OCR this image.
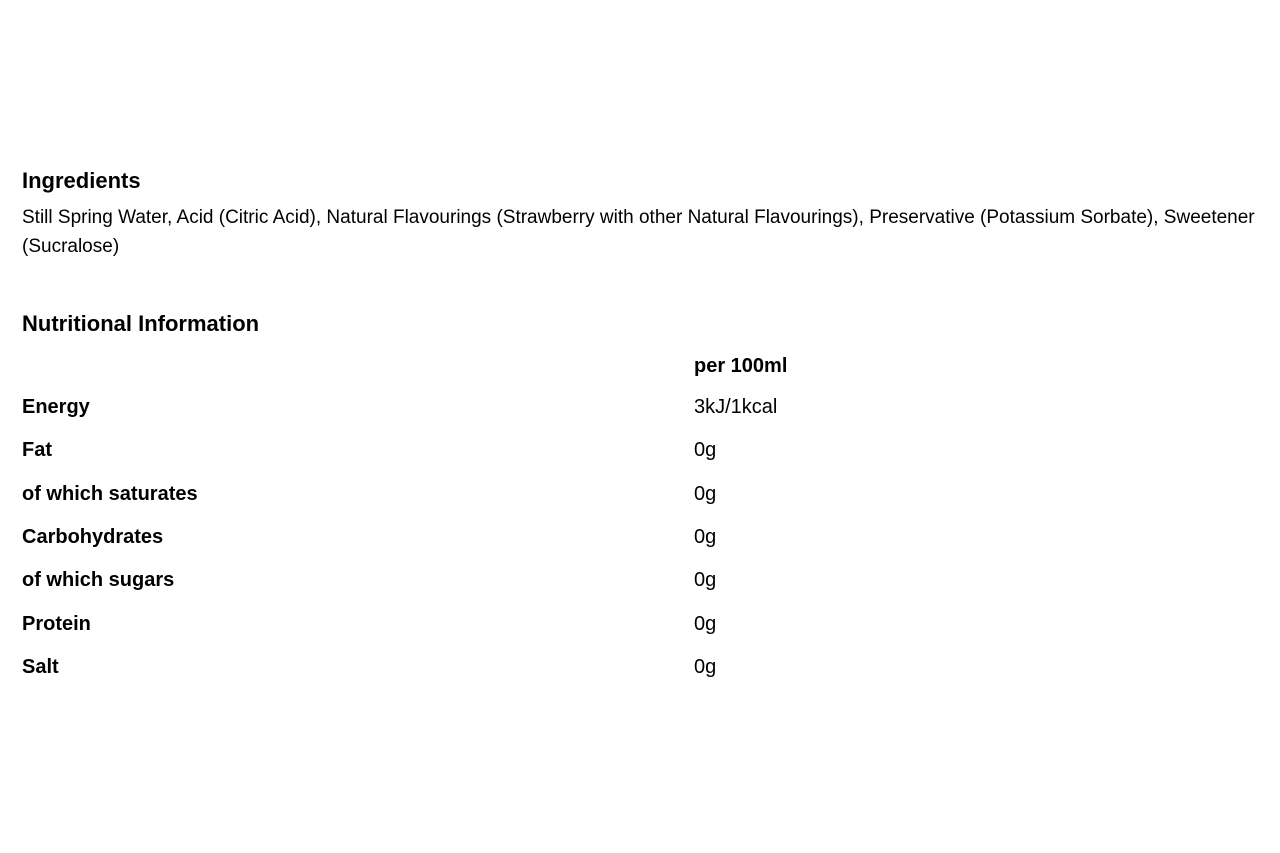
Ingredients

Still Spring Water, Acid (Citric Acid), Natural Flavourings (Strawberry with other Natural Flavourings), Preservative (Potassium Sorbate), Sweetener (Sucralose)

Nutritional Information
	per 100ml
Energy	3kJ/1kcal
Fat	0g
of which saturates	0g
Carbohydrates	0g
of which sugars	0g
Protein	0g
Salt	0g
